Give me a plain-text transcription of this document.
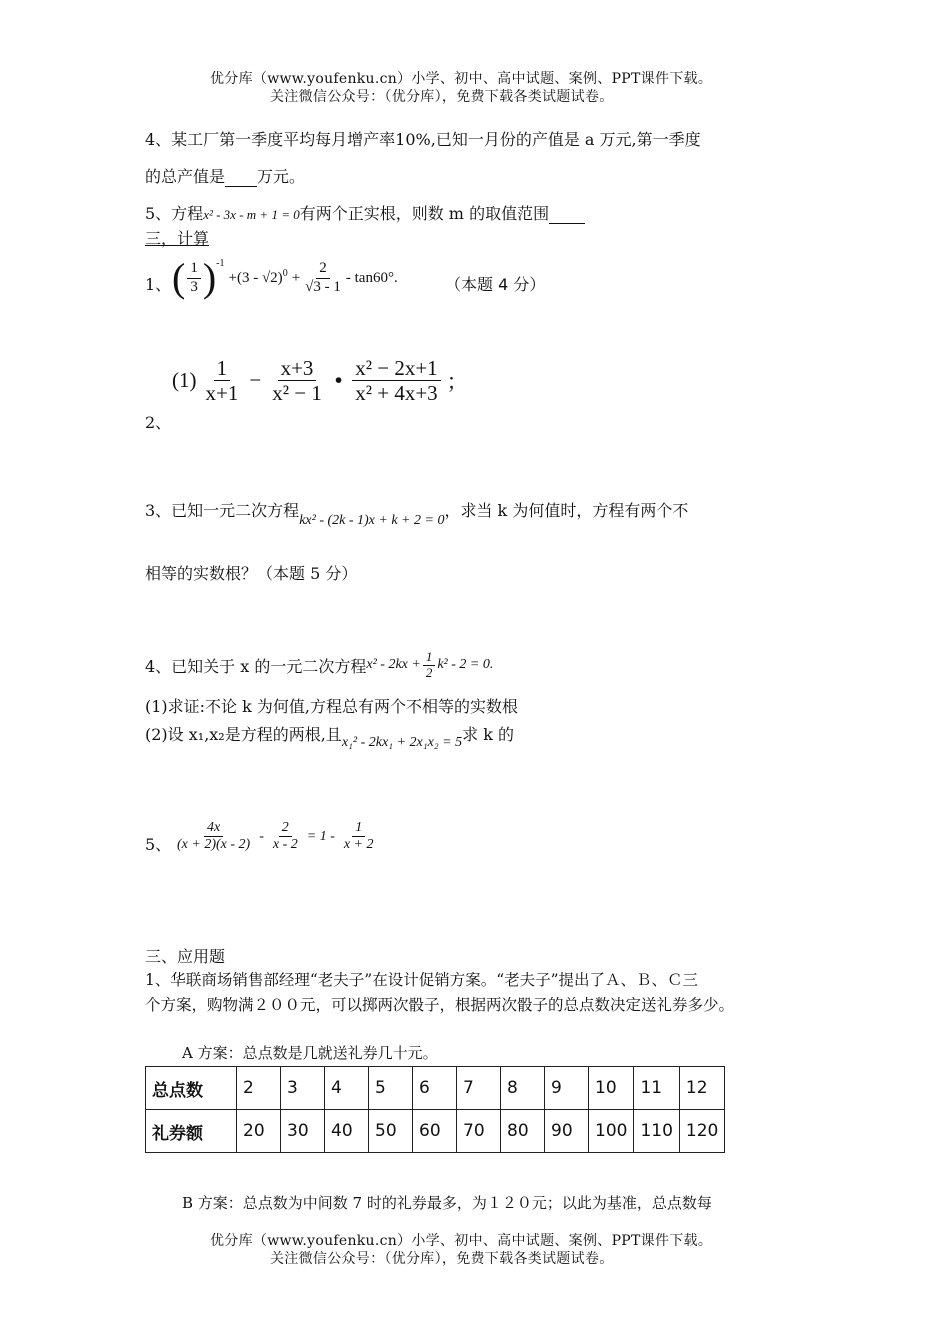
优分库（www.youfenku.cn）小学、初中、高中试题、案例、PPT课件下载。
关注微信公众号：（优分库），免费下载各类试题试卷。
4、某工厂第一季度平均每月增产率10%,已知一月份的产值是 a 万元,第一季度
的总产值是 万元。
5、方程x² - 3x - m + 1 = 0有两个正实根，则数 m 的取值范围
三，计算
1、 ( $\frac{1}{3} )^{-1}$
$+(3 - √2)^0 + \frac{2}{√3 - 1} - \tan 60^\circ$.	（本题 4 分）
$(1) \frac{1}{x+1} - \frac{x+3}{\text{x² − 1}}$ • $\frac{\text{x² − 2x+1}}{\text{x² + 4x+3}}$ ；
2、
3、已知一元二次方程kx² - (2k - 1)x + k + 2 = 0，求当 k 为何值时，方程有两个不
相等的实数根？（本题 5 分）
4、已知关于 x 的一元二次方程 $x^2 - 2kx + \frac{1}{2} k^2 - 2 = 0$.
(1)求证:不论 k 为何值,方程总有两个不相等的实数根
(2)设 x₁,x₂是方程的两根,且x₁² - 2kx₁ + 2x₁x₂ = 5求 k 的
5、 $\frac{4x}{(x + 2)(x - 2)} - \frac{2}{x - 2} = 1 - \frac{1}{x + 2}$
三、应用题
1、华联商场销售部经理“老夫子”在设计促销方案。“老夫子”提出了Ａ、Ｂ、Ｃ三
个方案，购物满２００元，可以掷两次骰子，根据两次骰子的总点数决定送礼券多少。
A 方案：总点数是几就送礼券几十元。
总点数	2	3	4	5	6	7	8	9	10	11	12
礼券额	20	30	40	50	60	70	80	90	100	110	120
B 方案：总点数为中间数 7 时的礼券最多，为１２０元；以此为基准，总点数每
优分库（www.youfenku.cn）小学、初中、高中试题、案例、PPT课件下载。
关注微信公众号：（优分库），免费下载各类试题试卷。
